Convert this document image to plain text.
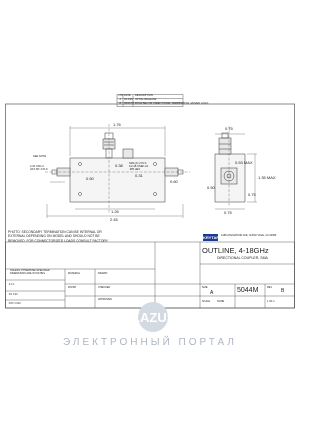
LTR DATE DESCRIPTION
A 3/14/96 INITIAL RELEASE
B 08/21/07 ROLE BELOW, DIRECTIONAL TERMINATION, MOVED LOGO
1.76
2.45
1.26
0.50
0.31
0.60
0.38
SEE NOTE
4-40 UNC-2
3/16 DP. 4 PLS
SMA (F) 2 PLS
1/2-28 UNEF-2A
.385 HEX
0.75
1.35 MAX
0.75
0.75
0.53 MAX
0.50
PHOTO: SECONDARY TERMINATION CAN BE INTERNAL OR
EXTERNAL DEPENDING ON MODEL AND SHOULD NOT BE
REMOVED. FOR CONNECTORIZED LOADS CONSULT FACTORY
UNLESS OTHERWISE SPECIFIED DIMENSIONS ARE IN INCHES
.X ±.1
.XX ±.03
.XXX ±.010
MATERIAL
FINISH
DRAWN
CHECKED
APPROVED
KRYTAR 1288 ANVILWOOD AVE, SUNNYVALE, CA 94089
OUTLINE, 4-18GHz
DIRECTIONAL COUPLER, SMA
SIZE
A	5044M	REV
B
SCALE	NONE	1 OF 1
KAZUS
ЭЛЕКТРОННЫЙ ПОРТАЛ
